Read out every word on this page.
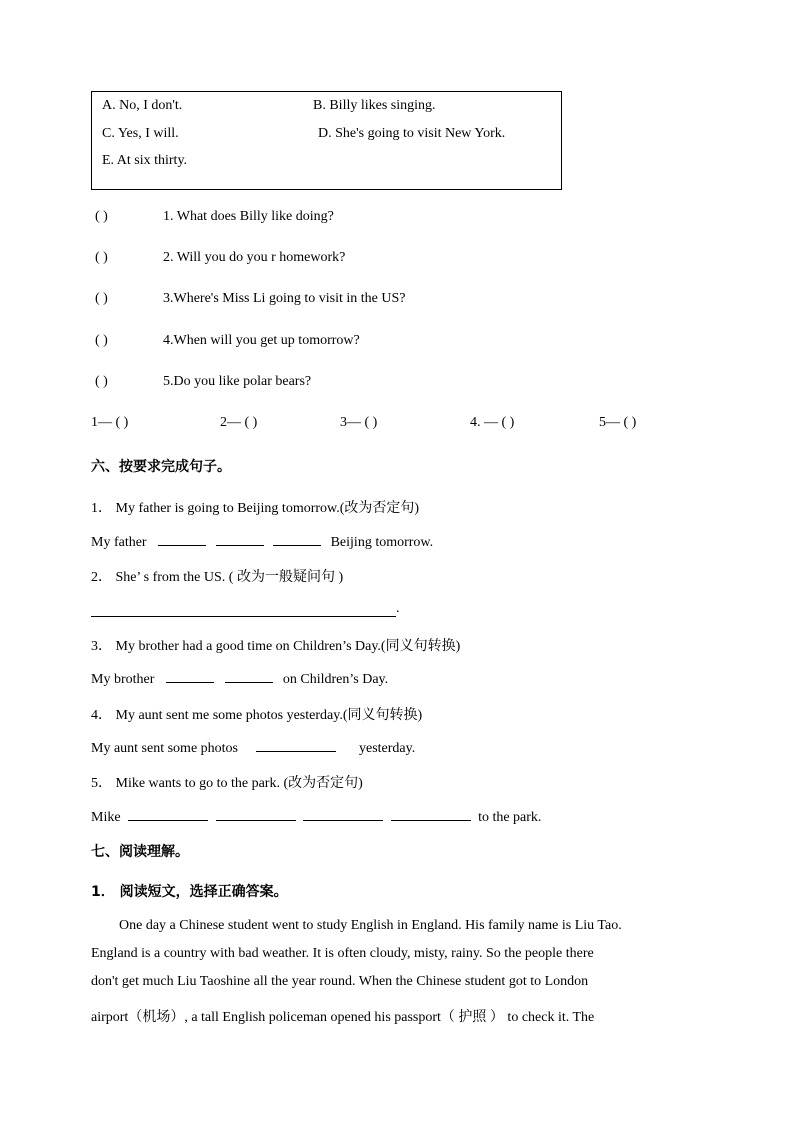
A. No, I don't.	B. Billy likes singing.
C. Yes, I will.	D. She's going to visit New York.
E. At six thirty.
( )	1. What does Billy like doing?
( )	2. Will you do you r homework?
( )	3.Where's Miss Li going to visit in the US?
( )	4.When will you get up tomorrow?
( )	5.Do you like polar bears?
1— ( )	2— ( )	3— ( )	4. — ( )	5— ( )
六、按要求完成句子。
1． My father is going to Beijing tomorrow.(改为否定句)
My father	Beijing tomorrow.
2． She’ s from the US. ( 改为一般疑问句 )
.
3． My brother had a good time on Children’s Day.(同义句转换)
My brother	on Children’s Day.
4． My aunt sent me some photos yesterday.(同义句转换)
My aunt sent some photos	yesterday.
5． Mike wants to go to the park. (改为否定句)
Mike	to the park.
七、阅读理解。
1． 阅读短文，选择正确答案。
One day a Chinese student went to study English in England. His family name is Liu Tao.
England is a country with bad weather. It is often cloudy, misty, rainy. So the people there
don't get much Liu Taoshine all the year round. When the Chinese student got to London
airport（机场）, a tall English policeman opened his passport（ 护照 ） to check it. The
